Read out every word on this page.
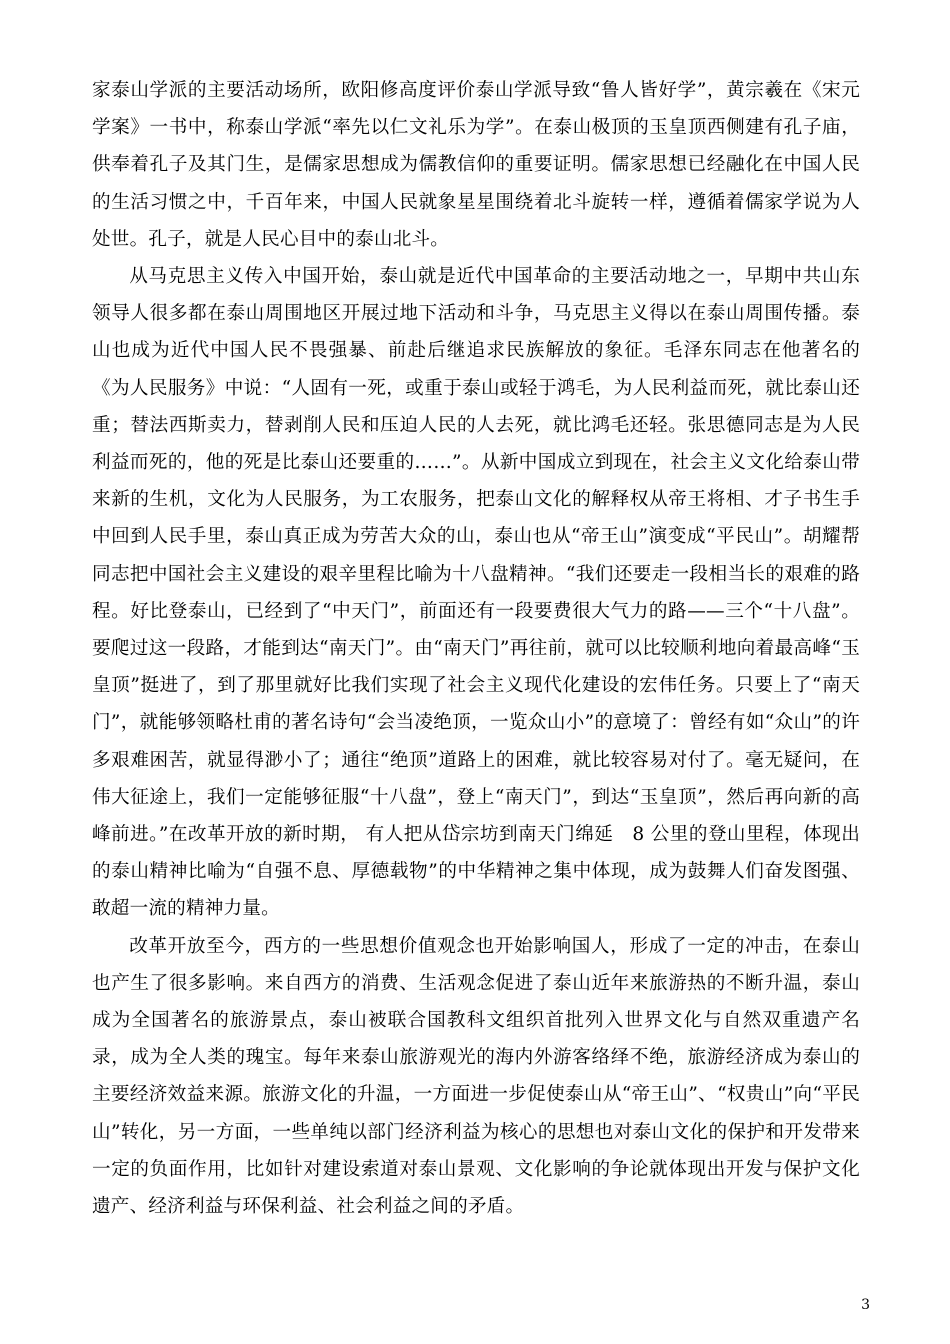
家泰山学派的主要活动场所，欧阳修高度评价泰山学派导致“鲁人皆好学”，黄宗羲在《宋元学案》一书中，称泰山学派“率先以仁文礼乐为学”。在泰山极顶的玉皇顶西侧建有孔子庙，供奉着孔子及其门生，是儒家思想成为儒教信仰的重要证明。儒家思想已经融化在中国人民的生活习惯之中，千百年来，中国人民就象星星围绕着北斗旋转一样，遵循着儒家学说为人处世。孔子，就是人民心目中的泰山北斗。

从马克思主义传入中国开始，泰山就是近代中国革命的主要活动地之一，早期中共山东领导人很多都在泰山周围地区开展过地下活动和斗争，马克思主义得以在泰山周围传播。泰山也成为近代中国人民不畏强暴、前赴后继追求民族解放的象征。毛泽东同志在他著名的《为人民服务》中说：“人固有一死，或重于泰山或轻于鸿毛，为人民利益而死，就比泰山还重；替法西斯卖力，替剥削人民和压迫人民的人去死，就比鸿毛还轻。张思德同志是为人民利益而死的，他的死是比泰山还要重的……”。从新中国成立到现在，社会主义文化给泰山带来新的生机，文化为人民服务，为工农服务，把泰山文化的解释权从帝王将相、才子书生手中回到人民手里，泰山真正成为劳苦大众的山，泰山也从“帝王山”演变成“平民山”。胡耀帮同志把中国社会主义建设的艰辛里程比喻为十八盘精神。“我们还要走一段相当长的艰难的路程。好比登泰山，已经到了“中天门”，前面还有一段要费很大气力的路——三个“十八盘”。要爬过这一段路，才能到达“南天门”。由“南天门”再往前，就可以比较顺利地向着最高峰“玉皇顶”挺进了，到了那里就好比我们实现了社会主义现代化建设的宏伟任务。只要上了“南天门”，就能够领略杜甫的著名诗句“会当凌绝顶，一览众山小”的意境了：曾经有如“众山”的许多艰难困苦，就显得渺小了；通往“绝顶”道路上的困难，就比较容易对付了。毫无疑问，在伟大征途上，我们一定能够征服“十八盘”，登上“南天门”，到达“玉皇顶”，然后再向新的高峰前进。”在改革开放的新时期， 有人把从岱宗坊到南天门绵延　8 公里的登山里程，体现出的泰山精神比喻为“自强不息、厚德载物”的中华精神之集中体现，成为鼓舞人们奋发图强、敢超一流的精神力量。

改革开放至今，西方的一些思想价值观念也开始影响国人，形成了一定的冲击，在泰山也产生了很多影响。来自西方的消费、生活观念促进了泰山近年来旅游热的不断升温，泰山成为全国著名的旅游景点，泰山被联合国教科文组织首批列入世界文化与自然双重遗产名录，成为全人类的瑰宝。每年来泰山旅游观光的海内外游客络绎不绝，旅游经济成为泰山的主要经济效益来源。旅游文化的升温，一方面进一步促使泰山从“帝王山”、“权贵山”向“平民山”转化，另一方面，一些单纯以部门经济利益为核心的思想也对泰山文化的保护和开发带来一定的负面作用，比如针对建设索道对泰山景观、文化影响的争论就体现出开发与保护文化遗产、经济利益与环保利益、社会利益之间的矛盾。

3
